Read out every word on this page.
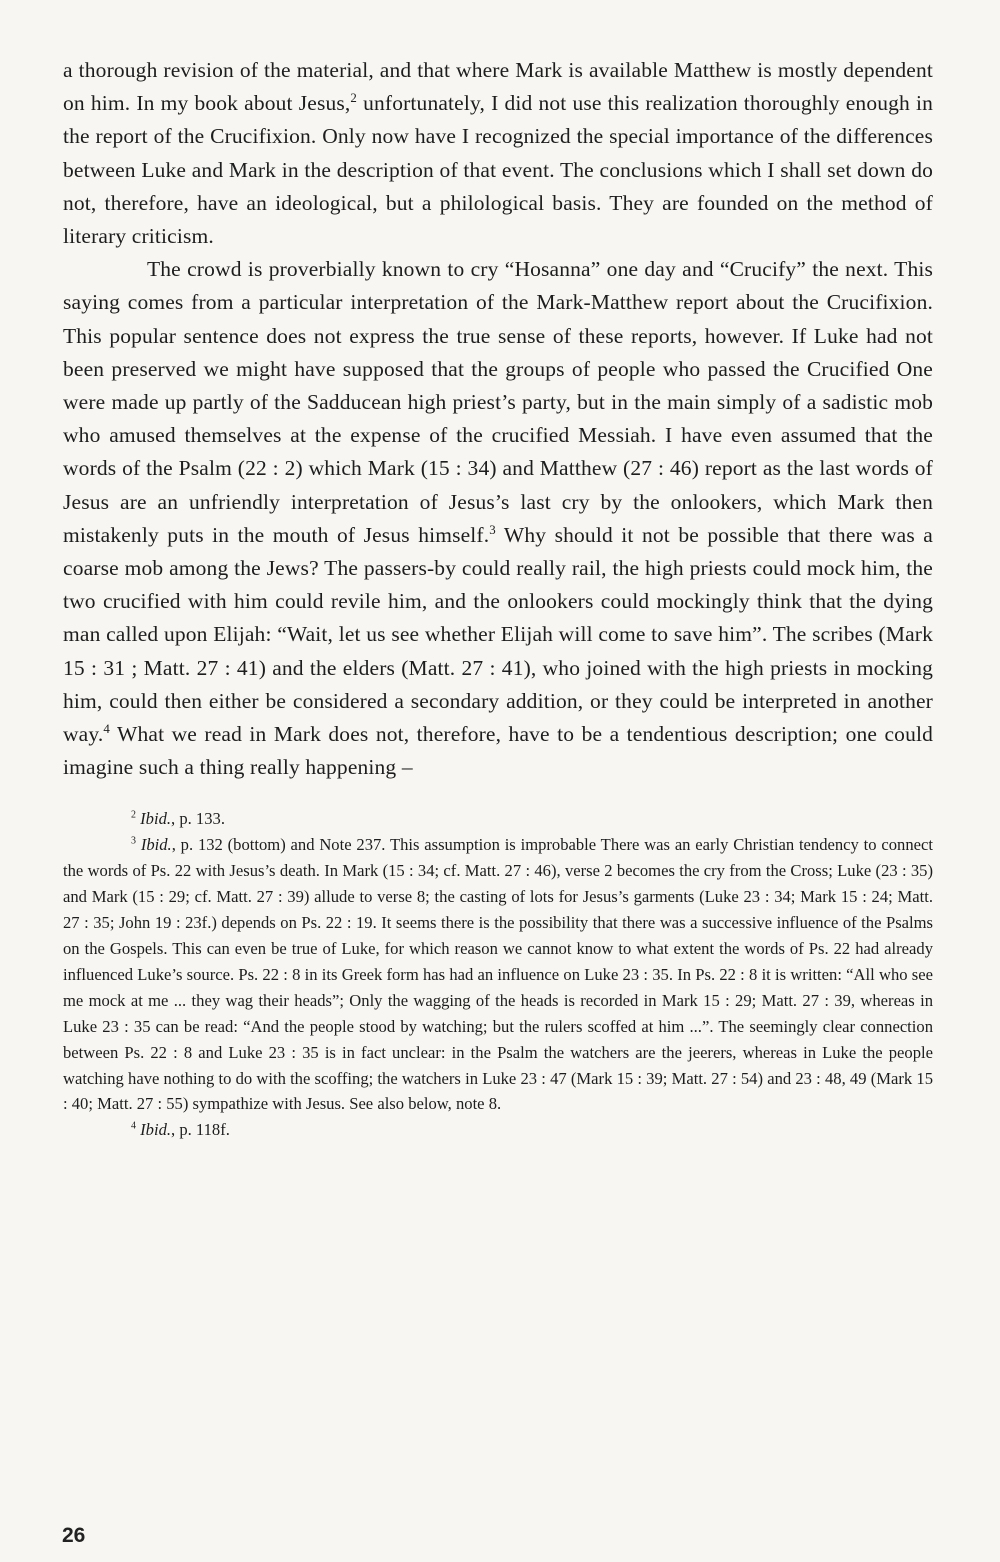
a thorough revision of the material, and that where Mark is available Matthew is mostly dependent on him. In my book about Jesus,$^2$ unfortunately, I did not use this realization thoroughly enough in the report of the Crucifixion. Only now have I recognized the special importance of the differences between Luke and Mark in the description of that event. The conclusions which I shall set down do not, therefore, have an ideological, but a philological basis. They are founded on the method of literary criticism.

The crowd is proverbially known to cry “Hosanna” one day and “Crucify” the next. This saying comes from a particular interpretation of the Mark-Matthew report about the Crucifixion. This popular sentence does not express the true sense of these reports, however. If Luke had not been preserved we might have supposed that the groups of people who passed the Crucified One were made up partly of the Sadducean high priest’s party, but in the main simply of a sadistic mob who amused themselves at the expense of the crucified Messiah. I have even assumed that the words of the Psalm (22 : 2) which Mark (15 : 34) and Matthew (27 : 46) report as the last words of Jesus are an unfriendly interpretation of Jesus’s last cry by the onlookers, which Mark then mistakenly puts in the mouth of Jesus himself.$^3$ Why should it not be possible that there was a coarse mob among the Jews? The passers-by could really rail, the high priests could mock him, the two crucified with him could revile him, and the onlookers could mockingly think that the dying man called upon Elijah: “Wait, let us see whether Elijah will come to save him”. The scribes (Mark 15 : 31 ; Matt. 27 : 41) and the elders (Matt. 27 : 41), who joined with the high priests in mocking him, could then either be considered a secondary addition, or they could be interpreted in another way.$^4$ What we read in Mark does not, therefore, have to be a tendentious description; one could imagine such a thing really happening –

$^2$ Ibid., p. 133.

$^3$ Ibid., p. 132 (bottom) and Note 237. This assumption is improbable There was an early Christian tendency to connect the words of Ps. 22 with Jesus’s death. In Mark (15 : 34; cf. Matt. 27 : 46), verse 2 becomes the cry from the Cross; Luke (23 : 35) and Mark (15 : 29; cf. Matt. 27 : 39) allude to verse 8; the casting of lots for Jesus’s garments (Luke 23 : 34; Mark 15 : 24; Matt. 27 : 35; John 19 : 23f.) depends on Ps. 22 : 19. It seems there is the possibility that there was a successive influence of the Psalms on the Gospels. This can even be true of Luke, for which reason we cannot know to what extent the words of Ps. 22 had already influenced Luke’s source. Ps. 22 : 8 in its Greek form has had an influence on Luke 23 : 35. In Ps. 22 : 8 it is written: “All who see me mock at me ... they wag their heads”; Only the wagging of the heads is recorded in Mark 15 : 29; Matt. 27 : 39, whereas in Luke 23 : 35 can be read: “And the people stood by watching; but the rulers scoffed at him ...”. The seemingly clear connection between Ps. 22 : 8 and Luke 23 : 35 is in fact unclear: in the Psalm the watchers are the jeerers, whereas in Luke the people watching have nothing to do with the scoffing; the watchers in Luke 23 : 47 (Mark 15 : 39; Matt. 27 : 54) and 23 : 48, 49 (Mark 15 : 40; Matt. 27 : 55) sympathize with Jesus. See also below, note 8.

$^4$ Ibid., p. 118f.

26
